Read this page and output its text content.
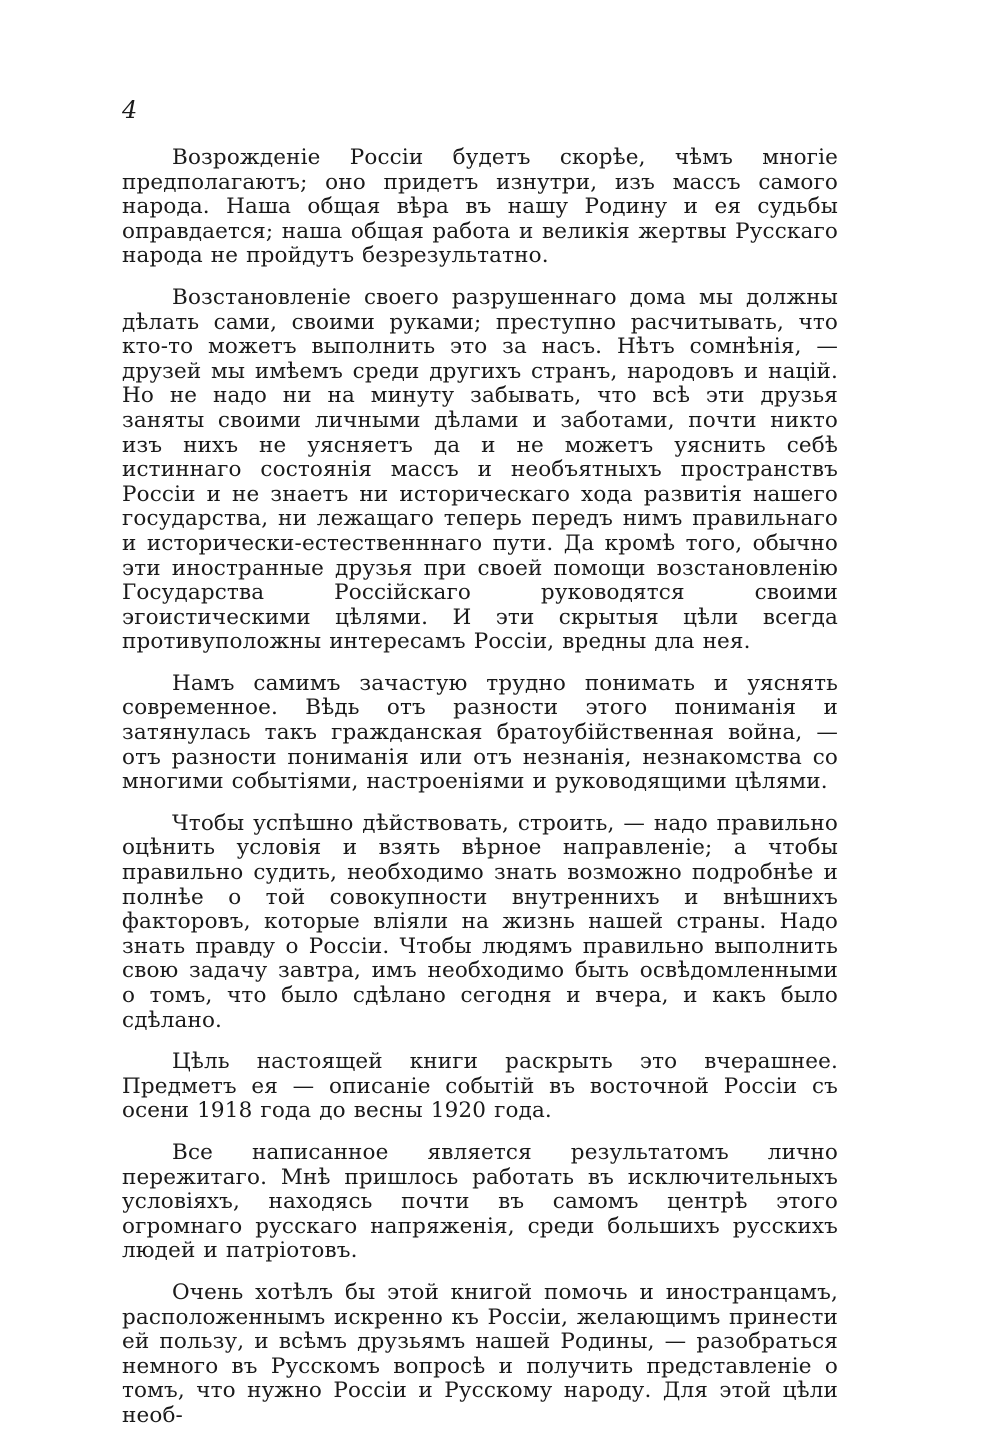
4

Возрожденіе Россіи будетъ скорѣе, чѣмъ многіе предполагаютъ; оно придетъ изнутри, изъ массъ самого народа. Наша общая вѣра въ нашу Родину и ея судьбы оправдается; наша общая работа и великія жертвы Русскаго народа не пройдутъ безрезультатно.

Возстановленіе своего разрушеннаго дома мы должны дѣлать сами, своими руками; преступно расчитывать, что кто-то можетъ выполнить это за насъ. Нѣтъ сомнѣнія, — друзей мы имѣемъ среди другихъ странъ, народовъ и націй. Но не надо ни на минуту забывать, что всѣ эти друзья заняты своими личными дѣлами и заботами, почти никто изъ нихъ не уясняетъ да и не можетъ уяснить себѣ истиннаго состоянія массъ и необъятныхъ пространствъ Россіи и не знаетъ ни историческаго хода развитія нашего государства, ни лежащаго теперь передъ нимъ правильнаго и исторически-естественннаго пути. Да кромѣ того, обычно эти иностранные друзья при своей помощи возстановленію Государства Россійскаго руководятся своими эгоистическими цѣлями. И эти скрытыя цѣли всегда противуположны интересамъ Россіи, вредны дла нея.

Намъ самимъ зачастую трудно понимать и уяснять современное. Вѣдь отъ разности этого пониманія и затянулась такъ гражданская братоубійственная война, — отъ разности пониманія или отъ незнанія, незнакомства со многими событіями, настроеніями и руководящими цѣлями.

Чтобы успѣшно дѣйствовать, строить, — надо правильно оцѣнить условія и взять вѣрное направленіе; а чтобы правильно судить, необходимо знать возможно подробнѣе и полнѣе о той совокупности внутреннихъ и внѣшнихъ факторовъ, которые вліяли на жизнь нашей страны. Надо знать правду о Россіи. Чтобы людямъ правильно выполнить свою задачу завтра, имъ необходимо быть освѣдомленными о томъ, что было сдѣлано сегодня и вчера, и какъ было сдѣлано.

Цѣль настоящей книги раскрыть это вчерашнее. Предметъ ея — описаніе событій въ восточной Россіи съ осени 1918 года до весны 1920 года.

Все написанное является результатомъ лично пережитаго. Мнѣ пришлось работать въ исключительныхъ условіяхъ, находясь почти въ самомъ центрѣ этого огромнаго русскаго напряженія, среди большихъ русскихъ людей и патріотовъ.

Очень хотѣлъ бы этой книгой помочь и иностранцамъ, расположеннымъ искренно къ Россіи, желающимъ принести ей пользу, и всѣмъ друзьямъ нашей Родины, — разобраться немного въ Русскомъ вопросѣ и получить представленіе о томъ, что нужно Россіи и Русскому народу. Для этой цѣли необ-
